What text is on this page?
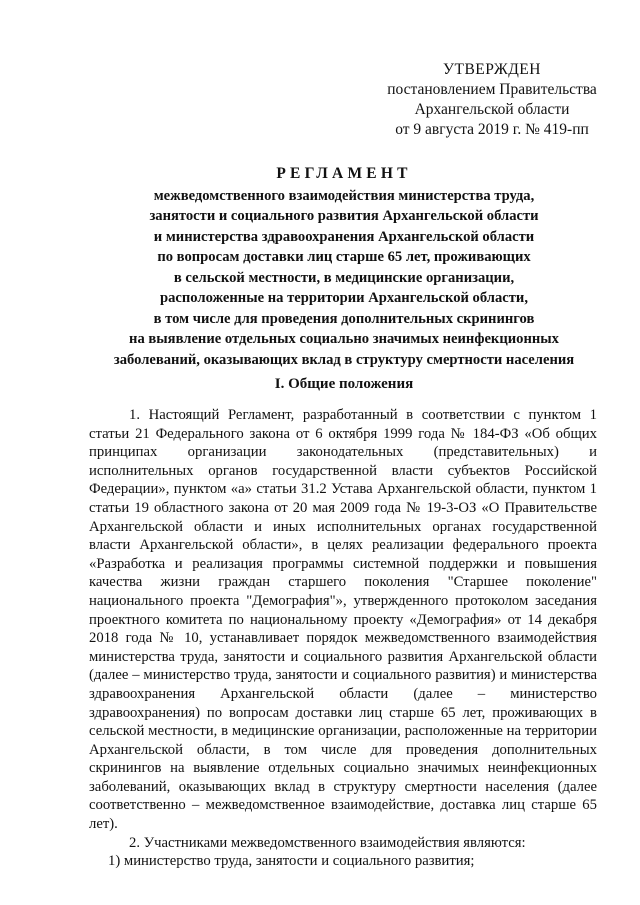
УТВЕРЖДЕН
постановлением Правительства
Архангельской области
от 9 августа 2019 г. № 419-пп
РЕГЛАМЕНТ
межведомственного взаимодействия министерства труда,
занятости и социального развития Архангельской области
и министерства здравоохранения Архангельской области
по вопросам доставки лиц старше 65 лет, проживающих
в сельской местности, в медицинские организации,
расположенные на территории Архангельской области,
в том числе для проведения дополнительных скринингов
на выявление отдельных социально значимых неинфекционных
заболеваний, оказывающих вклад в структуру смертности населения
I. Общие положения

1. Настоящий Регламент, разработанный в соответствии с пунктом 1 статьи 21 Федерального закона от 6 октября 1999 года № 184-ФЗ «Об общих принципах организации законодательных (представительных) и исполнительных органов государственной власти субъектов Российской Федерации», пунктом «а» статьи 31.2 Устава Архангельской области, пунктом 1 статьи 19 областного закона от 20 мая 2009 года № 19-3-ОЗ «О Правительстве Архангельской области и иных исполнительных органах государственной власти Архангельской области», в целях реализации федерального проекта «Разработка и реализация программы системной поддержки и повышения качества жизни граждан старшего поколения "Старшее поколение" национального проекта "Демография"», утвержденного протоколом заседания проектного комитета по национальному проекту «Демография» от 14 декабря 2018 года № 10, устанавливает порядок межведомственного взаимодействия министерства труда, занятости и социального развития Архангельской области (далее – министерство труда, занятости и социального развития) и министерства здравоохранения Архангельской области (далее – министерство здравоохранения) по вопросам доставки лиц старше 65 лет, проживающих в сельской местности, в медицинские организации, расположенные на территории Архангельской области, в том числе для проведения дополнительных скринингов на выявление отдельных социально значимых неинфекционных заболеваний, оказывающих вклад в структуру смертности населения (далее соответственно – межведомственное взаимодействие, доставка лиц старше 65 лет).

2. Участниками межведомственного взаимодействия являются:

1) министерство труда, занятости и социального развития;
